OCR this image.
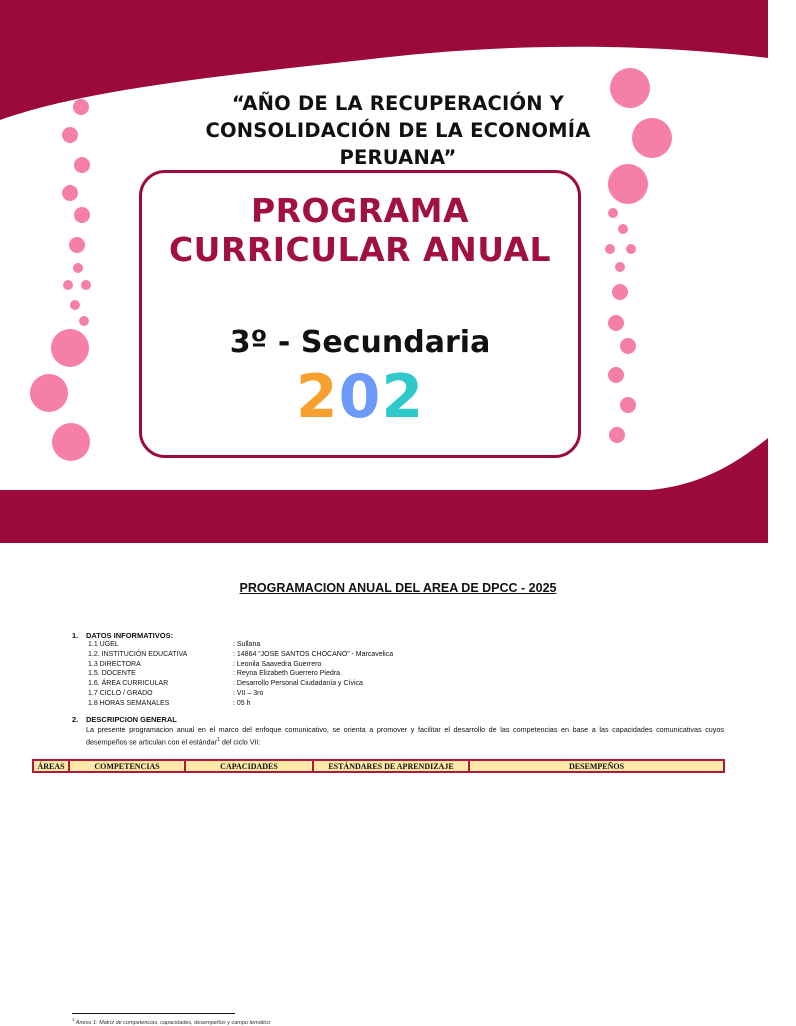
“AÑO DE LA RECUPERACIÓN Y
CONSOLIDACIÓN DE LA ECONOMÍA
PERUANA”
PROGRAMA
CURRICULAR ANUAL
3º - Secundaria
202
PROGRAMACION ANUAL DEL AREA DE DPCC - 2025
1. DATOS INFORMATIVOS:
1.1 UGEL	: Sullana
1.2. INSTITUCIÓN EDUCATIVA	: 14864 “JOSE SANTOS CHOCANO” - Marcavelica
1.3 DIRECTORA	: Leonila Saavedra Guerrero
1.5. DOCENTE	: Reyna Elizabeth Guerrero Piedra
1.6. ÁREA CURRICULAR	: Desarrollo Personal Ciudadanía y Cívica
1.7 CICLO / GRADO	: VII – 3ro
1.8 HORAS SEMANALES	: 05 h
2. DESCRIPCION GENERAL
La presente programacion anual en el marco del enfoque comunicativo, se orienta a promover y facilitar el desarrollo de las competencias en base a las capacidades comunicativas cuyos desempeños se articulan con el estándar$^1$ del ciclo VII:
ÁREAS	COMPETENCIAS	CAPACIDADES	ESTÁNDARES DE APRENDIZAJE	DESEMPEÑOS
$^1$ Anexo 1: Matriz de competencias, capacidades, desempeños y campo temático
